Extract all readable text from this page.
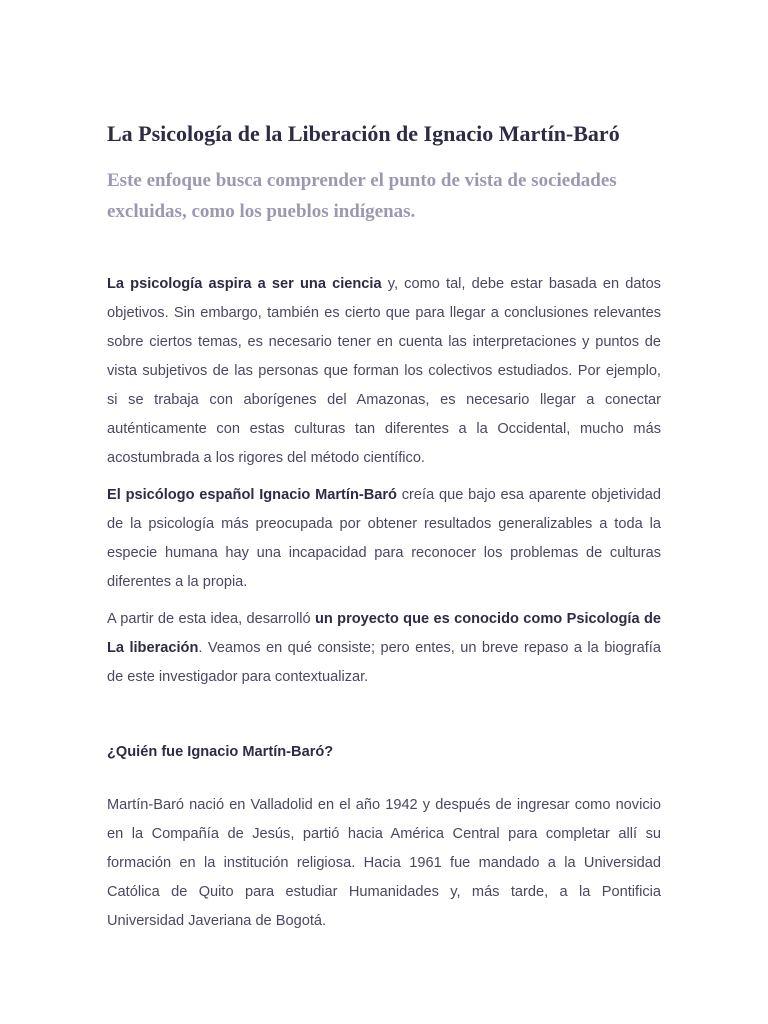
La Psicología de la Liberación de Ignacio Martín-Baró
Este enfoque busca comprender el punto de vista de sociedades excluidas, como los pueblos indígenas.

La psicología aspira a ser una ciencia y, como tal, debe estar basada en datos objetivos. Sin embargo, también es cierto que para llegar a conclusiones relevantes sobre ciertos temas, es necesario tener en cuenta las interpretaciones y puntos de vista subjetivos de las personas que forman los colectivos estudiados. Por ejemplo, si se trabaja con aborígenes del Amazonas, es necesario llegar a conectar auténticamente con estas culturas tan diferentes a la Occidental, mucho más acostumbrada a los rigores del método científico.

El psicólogo español Ignacio Martín-Baró creía que bajo esa aparente objetividad de la psicología más preocupada por obtener resultados generalizables a toda la especie humana hay una incapacidad para reconocer los problemas de culturas diferentes a la propia.

A partir de esta idea, desarrolló un proyecto que es conocido como Psicología de La liberación. Veamos en qué consiste; pero entes, un breve repaso a la biografía de este investigador para contextualizar.

¿Quién fue Ignacio Martín-Baró?

Martín-Baró nació en Valladolid en el año 1942 y después de ingresar como novicio en la Compañía de Jesús, partió hacia América Central para completar allí su formación en la institución religiosa. Hacia 1961 fue mandado a la Universidad Católica de Quito para estudiar Humanidades y, más tarde, a la Pontificia Universidad Javeriana de Bogotá.
